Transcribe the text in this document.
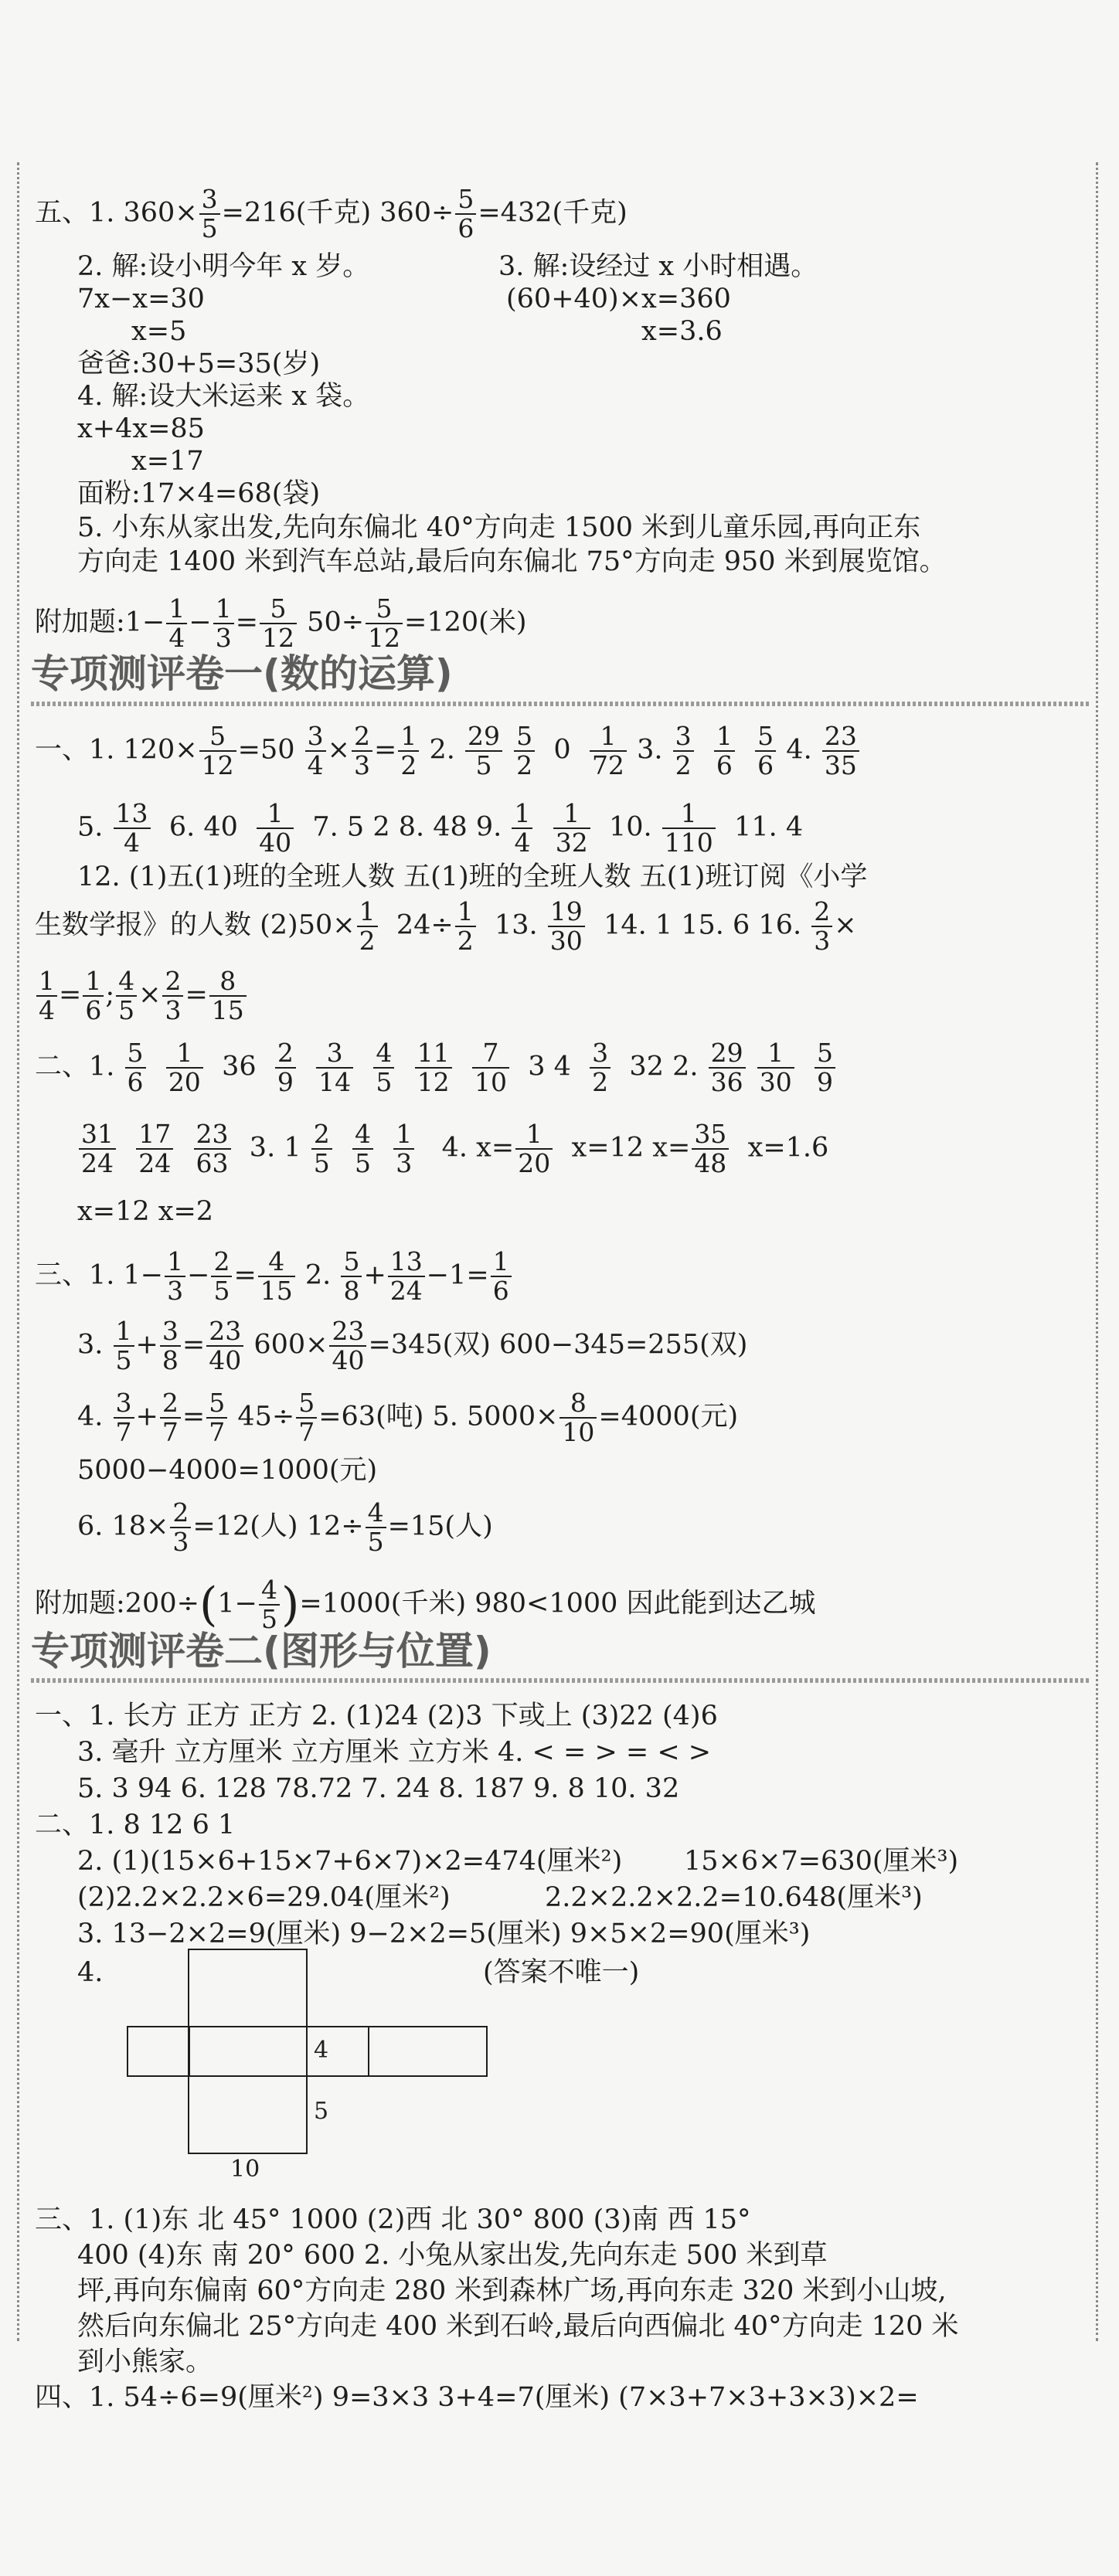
五、1. $360\times \frac{3}{5} =216$(千克) $360\div \frac{5}{6} =432$(千克)
2. 解:设小明今年 x 岁。	3. 解:设经过 x 小时相遇。
7x−x=30	(60+40)×x=360
x=5	x=3.6
爸爸:30+5=35(岁)
4. 解:设大米运来 x 袋。
x+4x=85
x=17
面粉:17×4=68(袋)
5. 小东从家出发,先向东偏北 40°方向走 1500 米到儿童乐园,再向正东
方向走 1400 米到汽车总站,最后向东偏北 75°方向走 950 米到展览馆。
附加题:1− $\frac{1}{4} - \frac{1}{3} = \frac{5}{12} 50\div \frac{5}{12} =120$(米)
专项测评卷一(数的运算)
一、1. $120\times \frac{5}{12} =50 \frac{3}{4} \times \frac{2}{3} = \frac{1}{2} 2$. $\frac{29}{5}$
$\frac{5}{2} 0 \frac{1}{72} 3$. $\frac{3}{2}$
$\frac{1}{6}$
$\frac{5}{6} 4$. $\frac{23}{35}$
5. $\frac{13}{4} 6$. $40 \frac{1}{40} 7$. 5 2 8. 48 9. $\frac{1}{4}$
$\frac{1}{32} 10$. $\frac{1}{110} 11$. 4
12. (1)五(1)班的全班人数 五(1)班的全班人数 五(1)班订阅《小学
生数学报》的人数 $(2)50\times \frac{1}{2} 24\div \frac{1}{2} 13$. $\frac{19}{30} 14$. 1 15. 6 16. $\frac{2}{3}$ ×
$\frac{1}{4} = \frac{1}{6}$ ; $\frac{4}{5} \times \frac{2}{3} = \frac{8}{15}$
二、1. $\frac{5}{6}$
$\frac{1}{20} 36 \frac{2}{9}$
$\frac{3}{14}$
$\frac{4}{5}$
$\frac{11}{12}$
$\frac{7}{10} 3$ $4 \frac{3}{2} 32$ 2. $\frac{29}{36}$
$\frac{1}{30}$
$\frac{5}{9}$
$\frac{31}{24}$
$\frac{17}{24}$
$\frac{23}{63} 3$. $1 \frac{2}{5}$
$\frac{4}{5}$
$\frac{1}{3} 4$. $x= \frac{1}{20} x=12$ $x= \frac{35}{48} x=1.6$
x=12 x=2
三、1. $1- \frac{1}{3} - \frac{2}{5} = \frac{4}{15} 2$. $\frac{5}{8} + \frac{13}{24} -1= \frac{1}{6}$
3. $\frac{1}{5} + \frac{3}{8} = \frac{23}{40} 600\times \frac{23}{40} =345$(双) 600−345=255(双)
4. $\frac{3}{7} + \frac{2}{7} = \frac{5}{7} 45\div \frac{5}{7} =63$(吨) 5. $5000\times \frac{8}{10} =4000$(元)
5000−4000=1000(元)
6. $18\times \frac{2}{3} =12$(人) $12\div \frac{4}{5} =15$(人)
附加题:200÷(1− $\frac{4}{5} )=1000$(千米) 980<1000 因此能到达乙城
专项测评卷二(图形与位置)
一、1. 长方 正方 正方 2. (1)24 (2)3 下或上 (3)22 (4)6
3. 毫升 立方厘米 立方厘米 立方米 4. < = > = < >
5. 3 94 6. 128 78.72 7. 24 8. 187 9. 8 10. 32
二、1. 8 12 6 1
2. (1)(15×6+15×7+6×7)×2=474(厘米²) 15×6×7=630(厘米³)
(2)2.2×2.2×6=29.04(厘米²)	2.2×2.2×2.2=10.648(厘米³)
3. 13−2×2=9(厘米) 9−2×2=5(厘米) 9×5×2=90(厘米³)
4.	(答案不唯一)
4
5
10
三、1. (1)东 北 45° 1000 (2)西 北 30° 800 (3)南 西 15°
400 (4)东 南 20° 600 2. 小兔从家出发,先向东走 500 米到草
坪,再向东偏南 60°方向走 280 米到森林广场,再向东走 320 米到小山坡,
然后向东偏北 25°方向走 400 米到石岭,最后向西偏北 40°方向走 120 米
到小熊家。
四、1. 54÷6=9(厘米²) 9=3×3 3+4=7(厘米) (7×3+7×3+3×3)×2=
